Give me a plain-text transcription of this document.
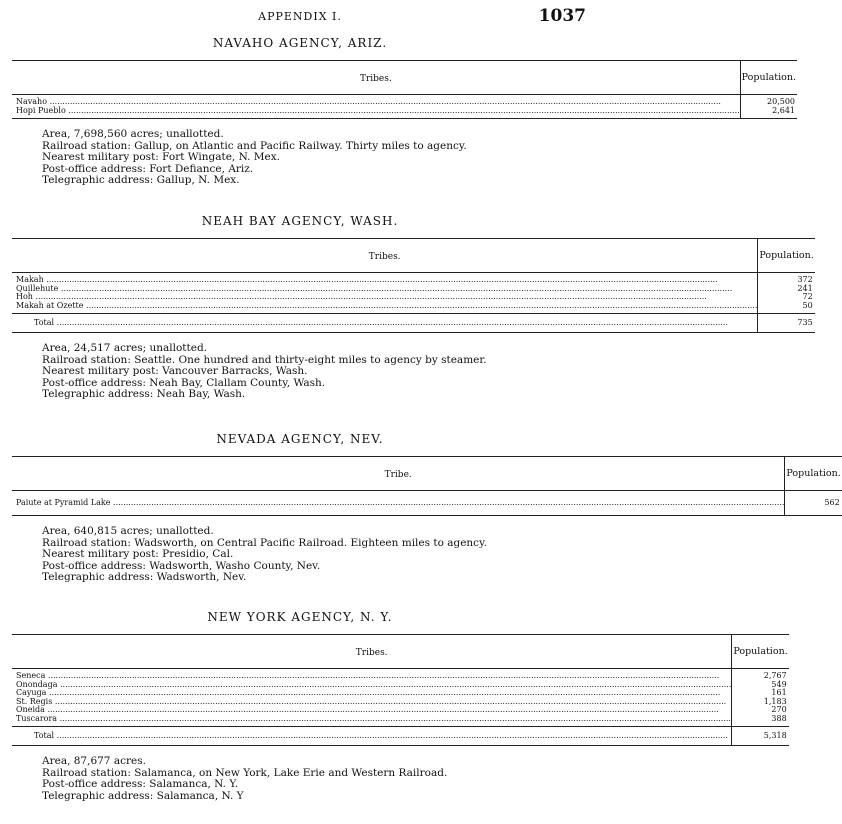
APPENDIX I.	1037
NAVAHO AGENCY, ARIZ.
Tribes.	Population.
Navaho .....	20,500
Hopi Pueblo .....	2,641
Area, 7,698,560 acres; unallotted.
Railroad station: Gallup, on Atlantic and Pacific Railway. Thirty miles to agency.
Nearest military post: Fort Wingate, N. Mex.
Post-office address: Fort Defiance, Ariz.
Telegraphic address: Gallup, N. Mex.
NEAH BAY AGENCY, WASH.
Tribes.	Population.
Makah .....	372
Quillehute .....	241
Hoh .....	72
Makah at Ozette .....	50
Total .....	735
Area, 24,517 acres; unallotted.
Railroad station: Seattle. One hundred and thirty-eight miles to agency by steamer.
Nearest military post: Vancouver Barracks, Wash.
Post-office address: Neah Bay, Clallam County, Wash.
Telegraphic address: Neah Bay, Wash.
NEVADA AGENCY, NEV.
Tribe.	Population.
Paiute at Pyramid Lake .....	562
Area, 640,815 acres; unallotted.
Railroad station: Wadsworth, on Central Pacific Railroad. Eighteen miles to agency.
Nearest military post: Presidio, Cal.
Post-office address: Wadsworth, Washo County, Nev.
Telegraphic address: Wadsworth, Nev.
NEW YORK AGENCY, N. Y.
Tribes.	Population.
Seneca .....	2,767
Onondaga .....	549
Cayuga .....	161
St. Regis .....	1,183
Oneida .....	270
Tuscarora .....	388
Total .....	5,318
Area, 87,677 acres.
Railroad station: Salamanca, on New York, Lake Erie and Western Railroad.
Post-office address: Salamanca, N. Y.
Telegraphic address: Salamanca, N. Y
